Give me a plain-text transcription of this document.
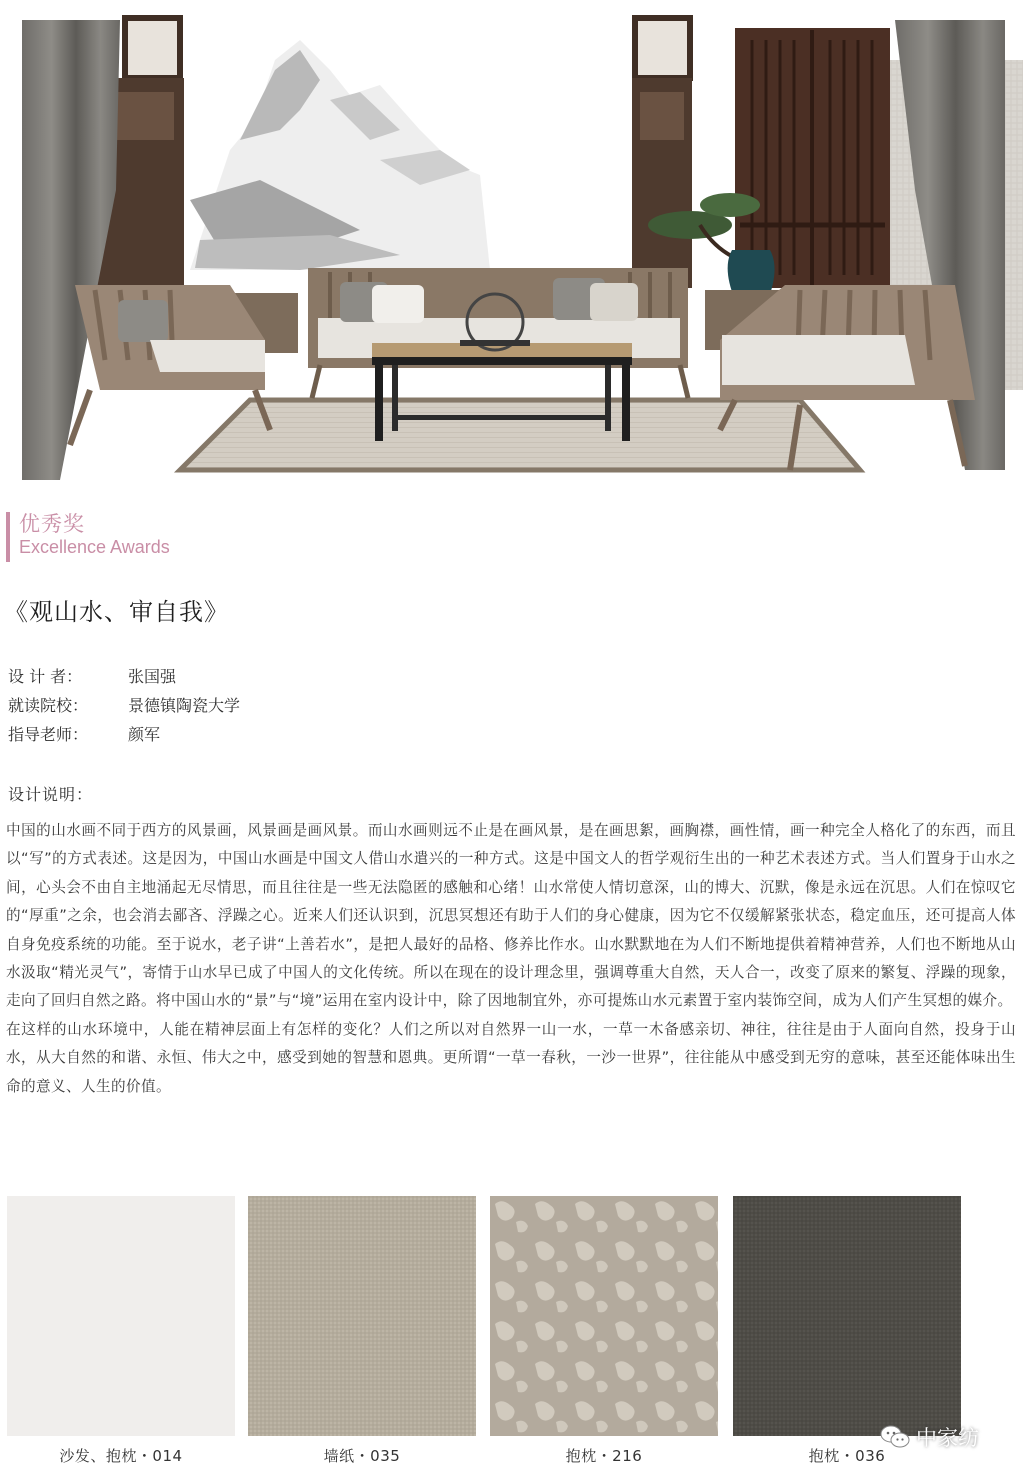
优秀奖
Excellence Awards
《观山水、审自我》
设 计 者：	张国强
就读院校： 景德镇陶瓷大学
指导老师： 颜军
设计说明：

中国的山水画不同于西方的风景画，风景画是画风景。而山水画则远不止是在画风景，是在画思絮，画胸襟，画性情，画一种完全人格化了的东西，而且以“写”的方式表述。这是因为，中国山水画是中国文人借山水遣兴的一种方式。这是中国文人的哲学观衍生出的一种艺术表述方式。当人们置身于山水之间，心头会不由自主地涌起无尽情思，而且往往是一些无法隐匿的感触和心绪！山水常使人情切意深，山的博大、沉默，像是永远在沉思。人们在惊叹它的“厚重”之余，也会消去鄙吝、浮躁之心。近来人们还认识到，沉思冥想还有助于人们的身心健康，因为它不仅缓解紧张状态，稳定血压，还可提高人体自身免疫系统的功能。至于说水，老子讲“上善若水”，是把人最好的品格、修养比作水。山水默默地在为人们不断地提供着精神营养，人们也不断地从山水汲取“精光灵气”，寄情于山水早已成了中国人的文化传统。所以在现在的设计理念里，强调尊重大自然，天人合一，改变了原来的繁复、浮躁的现象，走向了回归自然之路。将中国山水的“景”与“境”运用在室内设计中，除了因地制宜外，亦可提炼山水元素置于室内装饰空间，成为人们产生冥想的媒介。

在这样的山水环境中，人能在精神层面上有怎样的变化？人们之所以对自然界一山一水，一草一木备感亲切、神往，往往是由于人面向自然，投身于山水，从大自然的和谐、永恒、伟大之中，感受到她的智慧和恩典。更所谓“一草一春秋，一沙一世界”，往往能从中感受到无穷的意味，甚至还能体味出生命的意义、人生的价值。

沙发、抱枕・014	墙纸・035	抱枕・216	抱枕・036
中家纺
